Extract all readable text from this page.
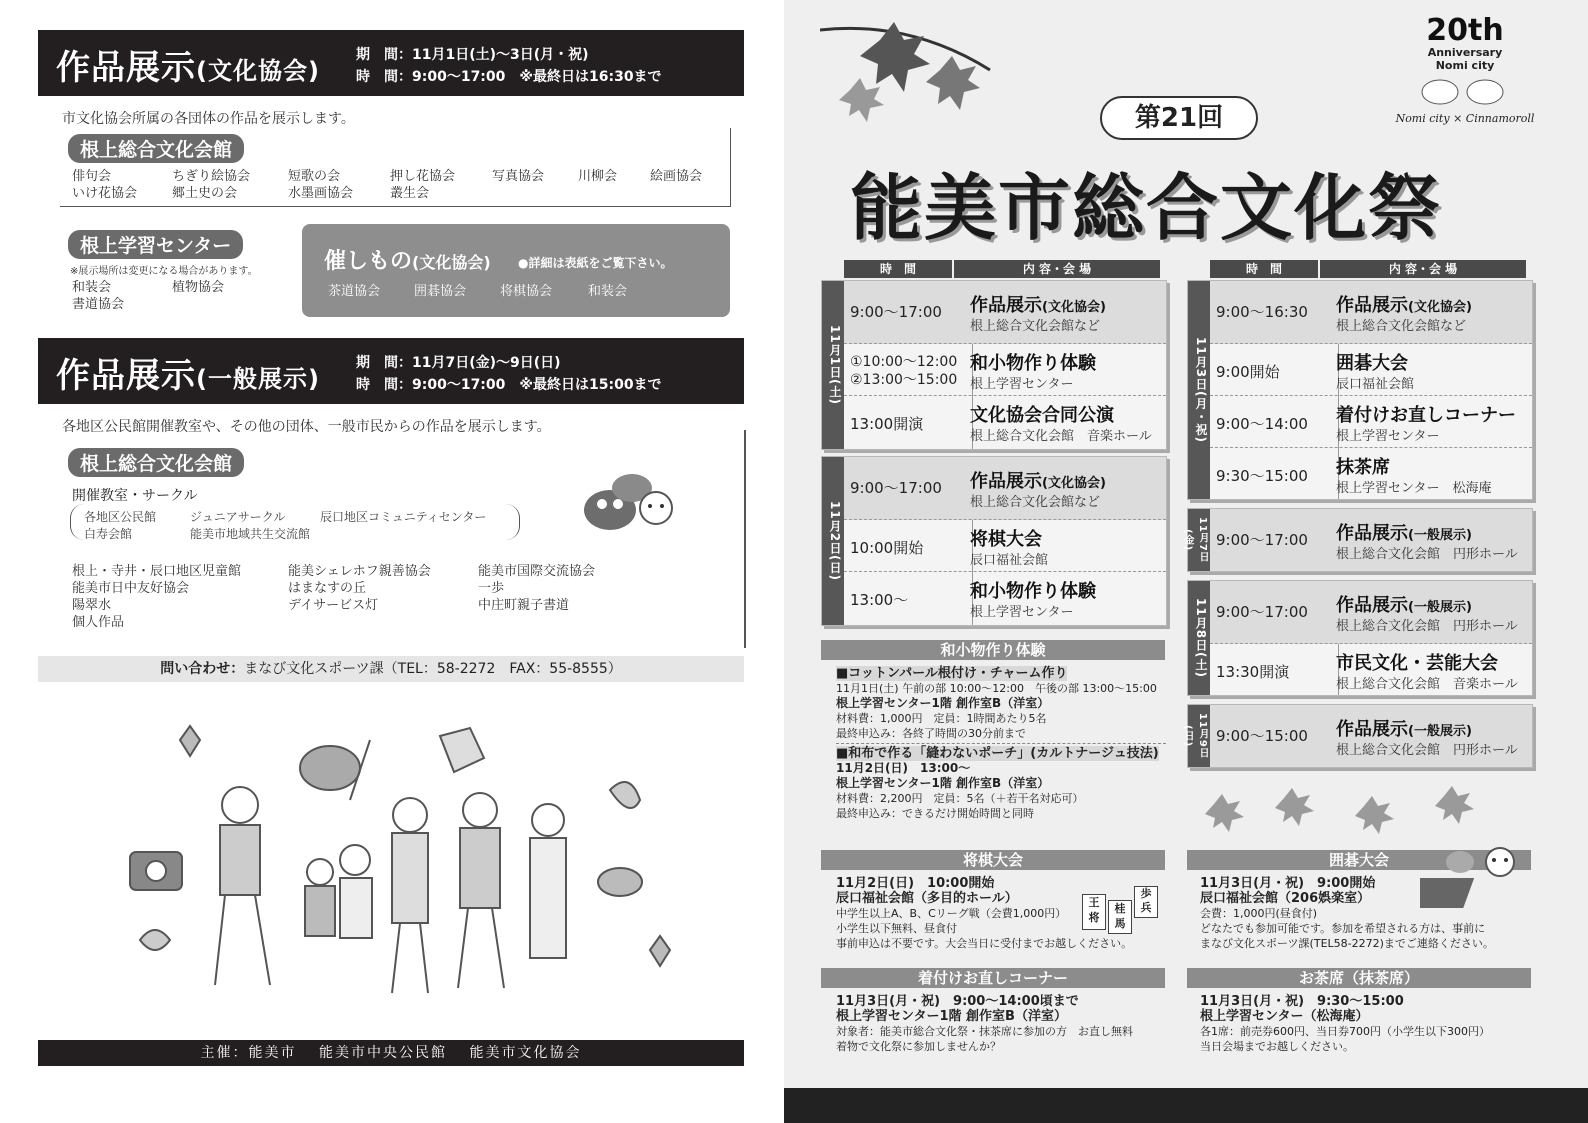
作品展示(文化協会)
期　間：11月1日(土)～3日(月・祝)
時　間：9:00～17:00　※最終日は16:30まで
市文化協会所属の各団体の作品を展示します。
根上総合文化会館
俳句会	ちぎり絵協会	短歌の会	押し花協会	写真協会	川柳会	絵画協会
いけ花協会	郷土史の会	水墨画協会	叢生会
根上学習センター
※展示場所は変更になる場合があります。
和装会	植物協会
書道協会
催しもの(文化協会) ●詳細は表紙をご覧下さい。
茶道協会	囲碁協会	将棋協会	和装会
作品展示(一般展示)
期　間：11月7日(金)～9日(日)
時　間：9:00～17:00　※最終日は15:00まで
各地区公民館開催教室や、その他の団体、一般市民からの作品を展示します。
根上総合文化会館
開催教室・サークル
各地区公民館	ジュニアサークル	辰口地区コミュニティセンター
白寿会館	能美市地域共生交流館
根上・寺井・辰口地区児童館	能美シェレホフ親善協会	能美市国際交流協会
能美市日中友好協会	はまなすの丘	一歩
陽翠水	デイサービス灯	中庄町親子書道
個人作品
問い合わせ：まなび文化スポーツ課（TEL：58-2272　FAX：55-8555）
主催：能美市　 能美市中央公民館　 能美市文化協会
20th
Anniversary
Nomi city
Nomi city × Cinnamoroll
第21回
能美市総合文化祭
時　間	内 容・会 場	時　間	内 容・会 場
11月1日(土)
9:00～17:00 作品展示(文化協会)
根上総合文化会館など
①10:00～12:00
②13:00～15:00
和小物作り体験
根上学習センター
13:00開演	文化協会合同公演
根上総合文化会館　音楽ホール
11月2日(日)
9:00～17:00 作品展示(文化協会)
根上総合文化会館など
10:00開始	将棋大会
辰口福祉会館
13:00～	和小物作り体験
根上学習センター
11月3日(月・祝)
9:00～16:30 作品展示(文化協会)
根上総合文化会館など
9:00開始	囲碁大会
辰口福祉会館
9:00～14:00 着付けお直しコーナー
根上学習センター
9:30～15:00 抹茶席
根上学習センター　松海庵
11月7日(金)	9:00～17:00 作品展示(一般展示)
根上総合文化会館　円形ホール
11月8日(土) 9:00～17:00 作品展示(一般展示)
根上総合文化会館　円形ホール
13:30開演	市民文化・芸能大会
根上総合文化会館　音楽ホール
11月9日(日)	9:00～15:00 作品展示(一般展示)
根上総合文化会館　円形ホール
和小物作り体験
■コットンパール根付け・チャーム作り
11月1日(土) 午前の部 10:00～12:00　午後の部 13:00～15:00
根上学習センター1階 創作室B（洋室）
材料費：1,000円　定員：1時間あたり5名
最終申込み：各終了時間の30分前まで
■和布で作る「縫わないポーチ」(カルトナージュ技法)
11月2日(日)　13:00～
根上学習センター1階 創作室B（洋室）
材料費：2,200円　定員：5名（＋若干名対応可）
最終申込み：できるだけ開始時間と同時
将棋大会
11月2日(日)　10:00開始
辰口福祉会館（多目的ホール）
中学生以上A、B、Cリーグ戦（会費1,000円）
小学生以下無料、昼食付
事前申込は不要です。大会当日に受付までお越しください。
王
将
桂
馬
歩
兵
囲碁大会
11月3日(月・祝)　9:00開始
辰口福祉会館（206娯楽室）
会費：1,000円(昼食付)
どなたでも参加可能です。参加を希望される方は、事前に
まなび文化スポーツ課(TEL58-2272)までご連絡ください。
着付けお直しコーナー
11月3日(月・祝)　9:00～14:00頃まで
根上学習センター1階 創作室B（洋室）
対象者：能美市総合文化祭・抹茶席に参加の方　お直し無料
着物で文化祭に参加しませんか？
お茶席（抹茶席）
11月3日(月・祝)　9:30～15:00
根上学習センター（松海庵）
各1席：前売券600円、当日券700円（小学生以下300円）
当日会場までお越しください。
